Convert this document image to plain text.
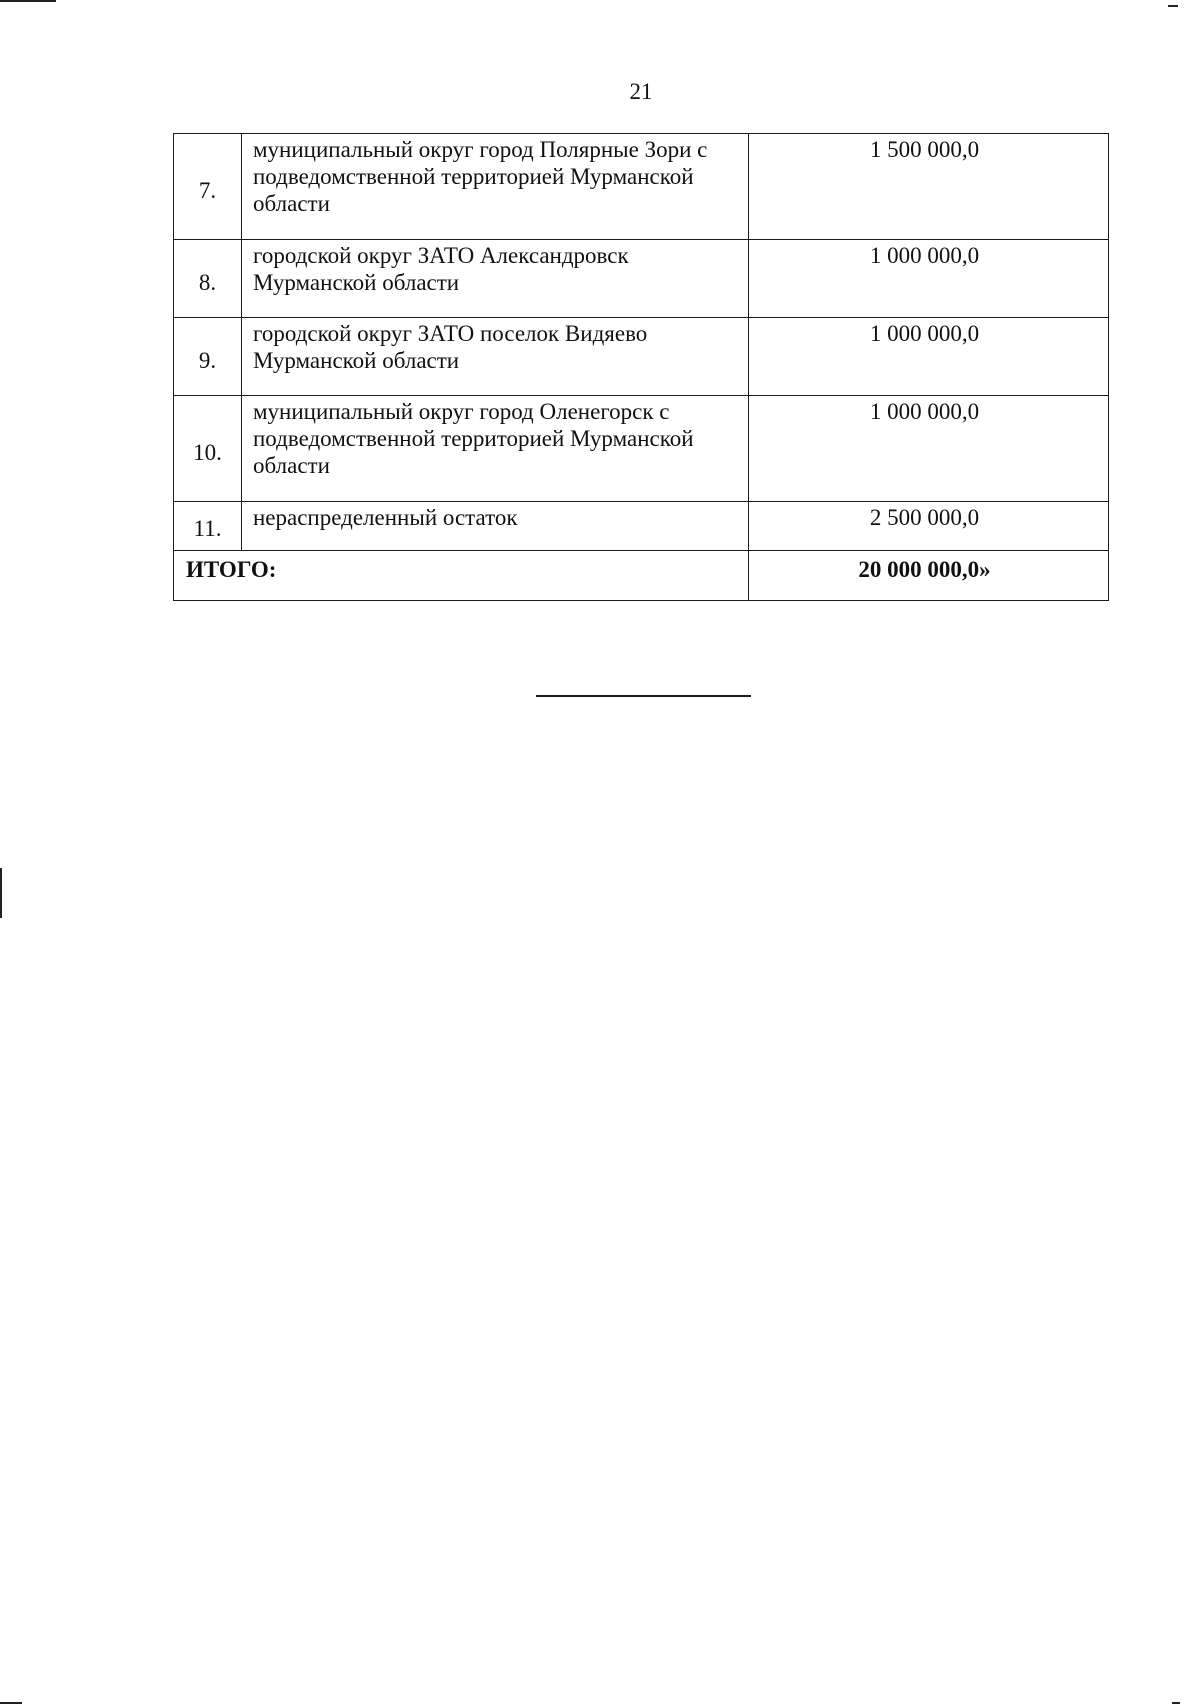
21
7.	муниципальный округ город Полярные Зори с подведомственной территорией Мурманской области	1 500 000,0
8.	городской округ ЗАТО Александровск Мурманской области	1 000 000,0
9.	городской округ ЗАТО поселок Видяево Мурманской области	1 000 000,0
10.	муниципальный округ город Оленегорск с подведомственной территорией Мурманской области	1 000 000,0
11.	нераспределенный остаток	2 500 000,0
ИТОГО:		20 000 000,0»
